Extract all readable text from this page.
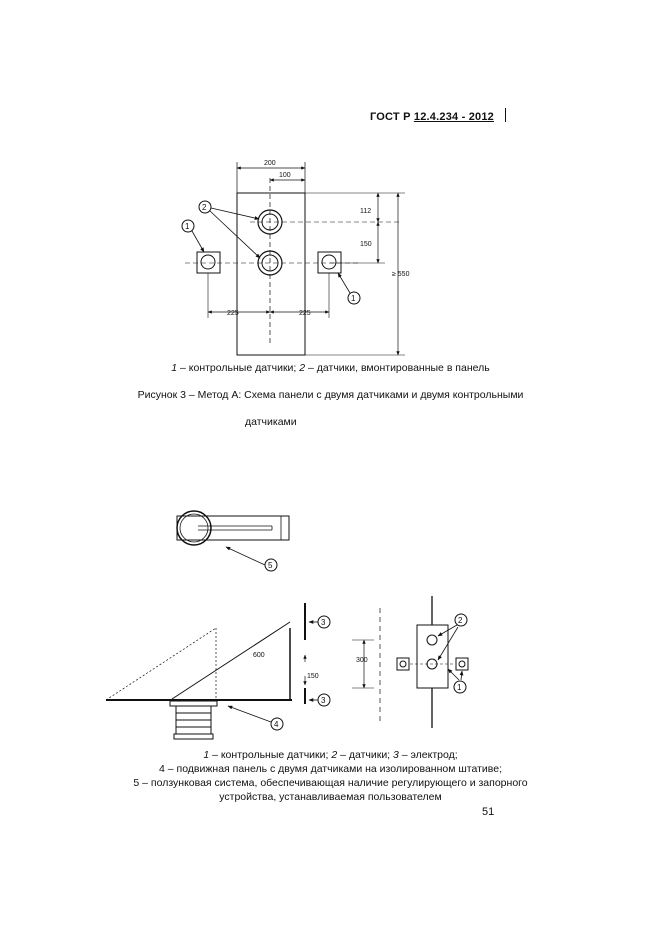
ГОСТ Р 12.4.234 - 2012
200
100
112
150
≥ 550
225	225
2
1
1
5
4
3
3
2
1
600
300
150
1 – контрольные датчики; 2 – датчики, вмонтированные в панель
Рисунок 3 – Метод А: Схема панели с двумя датчиками и двумя контрольными
датчиками
1 – контрольные датчики; 2 – датчики; 3 – электрод;
4 – подвижная панель с двумя датчиками на изолированном штативе;
5 – ползунковая система, обеспечивающая наличие регулирующего и запорного
устройства, устанавливаемая пользователем
51
